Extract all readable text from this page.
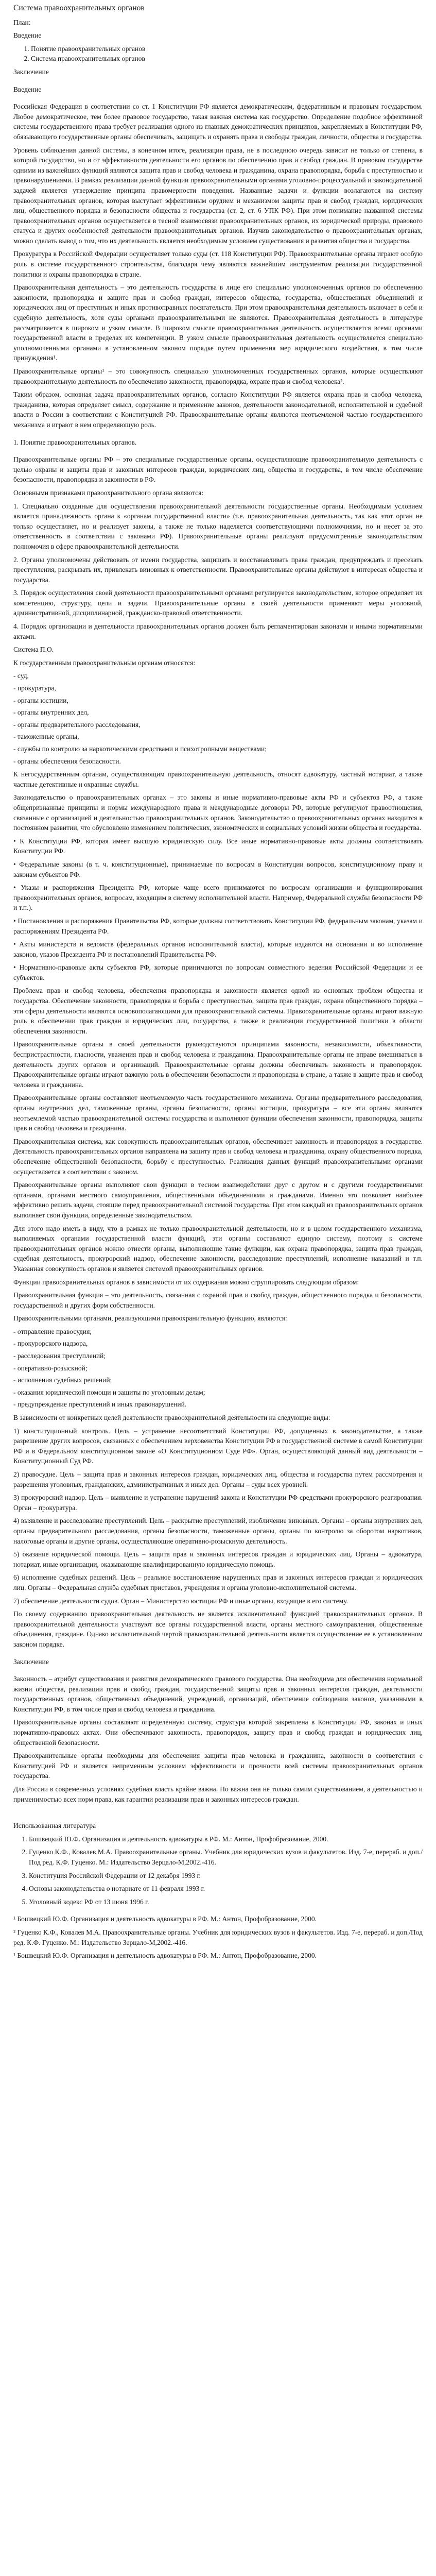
Система правоохранительных органов
План:
Введение
1. Понятие правоохранительных органов
2. Система правоохранительных органов
Заключение
Введение

Российская Федерация в соответствии со ст. 1 Конституции РФ является демократическим, федеративным и правовым государством. Любое демократическое, тем более правовое государство, такая важная система как государство. Определение подобное эффективной системы государственного права требует реализации одного из главных демократических принципов, закрепляемых в Конституции РФ, обязывающего государственные органы обеспечивать, защищать и охранять права и свободы граждан, личности, общества и государства.

Уровень соблюдения данной системы, в конечном итоге, реализации права, не в последнюю очередь зависит не только от степени, в которой государство, но и от эффективности деятельности его органов по обеспечению прав и свобод граждан. В правовом государстве одними из важнейших функций являются защита прав и свобод человека и гражданина, охрана правопорядка, борьба с преступностью и правонарушениями. В рамках реализации данной функции правоохранительными органами уголовно-процессуальной и законодательной задачей является утверждение принципа правомерности поведения. Названные задачи и функции возлагаются на систему правоохранительных органов, которая выступает эффективным орудием и механизмом защиты прав и свобод граждан, юридических лиц, общественного порядка и безопасности общества и государства (ст. 2, ст. 6 УПК РФ). При этом понимание названной системы правоохранительных органов осуществляется в тесной взаимосвязи правоохранительных органов, их юридической природы, правового статуса и других особенностей деятельности правоохранительных органов. Изучив законодательство о правоохранительных органах, можно сделать вывод о том, что их деятельность является необходимым условием существования и развития общества и государства.

Прокуратура в Российской Федерации осуществляет только суды (ст. 118 Конституции РФ). Правоохранительные органы играют особую роль в системе государственного строительства, благодаря чему являются важнейшим инструментом реализации государственной политики и охраны правопорядка в стране.

Правоохранительная деятельность – это деятельность государства в лице его специально уполномоченных органов по обеспечению законности, правопорядка и защите прав и свобод граждан, интересов общества, государства, общественных объединений и юридических лиц от преступных и иных противоправных посягательств. При этом правоохранительная деятельность включает в себя и судебную деятельность, хотя суды органами правоохранительными не являются. Правоохранительная деятельность в литературе рассматривается в широком и узком смысле. В широком смысле правоохранительная деятельность осуществляется всеми органами государственной власти в пределах их компетенции. В узком смысле правоохранительная деятельность осуществляется специально уполномоченными органами в установленном законом порядке путем применения мер юридического воздействия, в том числе принуждения¹.

Правоохранительные органы¹ – это совокупность специально уполномоченных государственных органов, которые осуществляют правоохранительную деятельность по обеспечению законности, правопорядка, охране прав и свобод человека².

Таким образом, основная задача правоохранительных органов, согласно Конституции РФ является охрана прав и свобод человека, гражданина, которая определяет смысл, содержание и применение законов, деятельности законодательной, исполнительной и судебной власти в России в соответствии с Конституцией РФ. Правоохранительные органы являются неотъемлемой частью государственного механизма и играют в нем определяющую роль.

1. Понятие правоохранительных органов.

Правоохранительные органы РФ – это специальные государственные органы, осуществляющие правоохранительную деятельность с целью охраны и защиты прав и законных интересов граждан, юридических лиц, общества и государства, в том числе обеспечение безопасности, правопорядка и законности в РФ.

Основными признаками правоохранительного органа являются:

1. Специально созданные для осуществления правоохранительной деятельности государственные органы. Необходимым условием является принадлежность органа к «органам государственной власти» (т.е. правоохранительная деятельность, так как этот орган не только осуществляет, но и реализует законы, а также не только наделяется соответствующими полномочиями, но и несет за это ответственность в соответствии с законами РФ). Правоохранительные органы реализуют предусмотренные законодательством полномочия в сфере правоохранительной деятельности.

2. Органы уполномочены действовать от имени государства, защищать и восстанавливать права граждан, предупреждать и пресекать преступления, раскрывать их, привлекать виновных к ответственности. Правоохранительные органы действуют в интересах общества и государства.

3. Порядок осуществления своей деятельности правоохранительными органами регулируется законодательством, которое определяет их компетенцию, структуру, цели и задачи. Правоохранительные органы в своей деятельности применяют меры уголовной, административной, дисциплинарной, гражданско-правовой ответственности.

4. Порядок организации и деятельности правоохранительных органов должен быть регламентирован законами и иными нормативными актами.

Система П.О.

К государственным правоохранительным органам относятся:

- суд,
- прокуратура,
- органы юстиции,
- органы внутренних дел,
- органы предварительного расследования,
- таможенные органы,
- службы по контролю за наркотическими средствами и психотропными веществами;
- органы обеспечения безопасности.

К негосударственным органам, осуществляющим правоохранительную деятельность, относят адвокатуру, частный нотариат, а также частные детективные и охранные службы.

Законодательство о правоохранительных органах – это законы и иные нормативно-правовые акты РФ и субъектов РФ, а также общепризнанные принципы и нормы международного права и международные договоры РФ, которые регулируют правоотношения, связанные с организацией и деятельностью правоохранительных органов. Законодательство о правоохранительных органах находится в постоянном развитии, что обусловлено изменением политических, экономических и социальных условий жизни общества и государства.

• К Конституции РФ, которая имеет высшую юридическую силу. Все иные нормативно-правовые акты должны соответствовать Конституции РФ.

• Федеральные законы (в т. ч. конституционные), принимаемые по вопросам в Конституции вопросов, конституционному праву и законам субъектов РФ.

• Указы и распоряжения Президента РФ, которые чаще всего принимаются по вопросам организации и функционирования правоохранительных органов, вопросам, входящим в систему исполнительной власти. Например, Федеральной службы безопасности РФ и т.п.).

• Постановления и распоряжения Правительства РФ, которые должны соответствовать Конституции РФ, федеральным законам, указам и распоряжениям Президента РФ.

• Акты министерств и ведомств (федеральных органов исполнительной власти), которые издаются на основании и во исполнение законов, указов Президента РФ и постановлений Правительства РФ.

• Нормативно-правовые акты субъектов РФ, которые принимаются по вопросам совместного ведения Российской Федерации и ее субъектов.

Проблема прав и свобод человека, обеспечения правопорядка и законности является одной из основных проблем общества и государства. Обеспечение законности, правопорядка и борьба с преступностью, защита прав граждан, охрана общественного порядка – эти сферы деятельности являются основополагающими для правоохранительной системы. Правоохранительные органы играют важную роль в обеспечении прав граждан и юридических лиц, государства, а также в реализации государственной политики в области обеспечения законности.

Правоохранительные органы в своей деятельности руководствуются принципами законности, независимости, объективности, беспристрастности, гласности, уважения прав и свобод человека и гражданина. Правоохранительные органы не вправе вмешиваться в деятельность других органов и организаций. Правоохранительные органы должны обеспечивать законность и правопорядок. Правоохранительные органы играют важную роль в обеспечении безопасности и правопорядка в стране, а также в защите прав и свобод человека и гражданина.

Правоохранительные органы составляют неотъемлемую часть государственного механизма. Органы предварительного расследования, органы внутренних дел, таможенные органы, органы безопасности, органы юстиции, прокуратура – все эти органы являются неотъемлемой частью правоохранительной системы государства и выполняют функции обеспечения законности, правопорядка, защиты прав и свобод человека и гражданина.

Правоохранительная система, как совокупность правоохранительных органов, обеспечивает законность и правопорядок в государстве. Деятельность правоохранительных органов направлена на защиту прав и свобод человека и гражданина, охрану общественного порядка, обеспечение общественной безопасности, борьбу с преступностью. Реализация данных функций правоохранительными органами осуществляется в соответствии с законом.

Правоохранительные органы выполняют свои функции в тесном взаимодействии друг с другом и с другими государственными органами, органами местного самоуправления, общественными объединениями и гражданами. Именно это позволяет наиболее эффективно решать задачи, стоящие перед правоохранительной системой государства. При этом каждый из правоохранительных органов выполняет свои функции, определенные законодательством.

Для этого надо иметь в виду, что в рамках не только правоохранительной деятельности, но и в целом государственного механизма, выполняемых органами государственной власти функций, эти органы составляют единую систему, поэтому к системе правоохранительных органов можно отнести органы, выполняющие такие функции, как охрана правопорядка, защита прав граждан, судебная деятельность, прокурорский надзор, обеспечение законности, расследование преступлений, исполнение наказаний и т.п. Указанная совокупность органов и является системой правоохранительных органов.

Функции правоохранительных органов в зависимости от их содержания можно сгруппировать следующим образом:

Правоохранительная функция – это деятельность, связанная с охраной прав и свобод граждан, общественного порядка и безопасности, государственной и других форм собственности.

Правоохранительными органами, реализующими правоохранительную функцию, являются:

- отправление правосудия;
- прокурорского надзора,
- расследования преступлений;
- оперативно-розыскной;
- исполнения судебных решений;
- оказания юридической помощи и защиты по уголовным делам;
- предупреждение преступлений и иных правонарушений.

В зависимости от конкретных целей деятельности правоохранительной деятельности на следующие виды:

1) конституционный контроль. Цель – устранение несоответствий Конституции РФ, допущенных в законодательстве, а также разрешение других вопросов, связанных с обеспечением верховенства Конституции РФ в государственной системе в самой Конституции РФ и в Федеральном конституционном законе «О Конституционном Суде РФ». Орган, осуществляющий данный вид деятельности – Конституционный Суд РФ.

2) правосудие. Цель – защита прав и законных интересов граждан, юридических лиц, общества и государства путем рассмотрения и разрешения уголовных, гражданских, административных и иных дел. Органы – суды всех уровней.

3) прокурорский надзор. Цель – выявление и устранение нарушений закона и Конституции РФ средствами прокурорского реагирования. Орган – прокуратура.

4) выявление и расследование преступлений. Цель – раскрытие преступлений, изобличение виновных. Органы – органы внутренних дел, органы предварительного расследования, органы безопасности, таможенные органы, органы по контролю за оборотом наркотиков, налоговые органы и другие органы, осуществляющие оперативно-розыскную деятельность.

5) оказание юридической помощи. Цель – защита прав и законных интересов граждан и юридических лиц. Органы – адвокатура, нотариат, иные организации, оказывающие квалифицированную юридическую помощь.

6) исполнение судебных решений. Цель – реальное восстановление нарушенных прав и законных интересов граждан и юридических лиц. Органы – Федеральная служба судебных приставов, учреждения и органы уголовно-исполнительной системы.

7) обеспечение деятельности судов. Орган – Министерство юстиции РФ и иные органы, входящие в его систему.

По своему содержанию правоохранительная деятельность не является исключительной функцией правоохранительных органов. В правоохранительной деятельности участвуют все органы государственной власти, органы местного самоуправления, общественные объединения, граждане. Однако исключительной чертой правоохранительной деятельности является осуществление ее в установленном законом порядке.

Заключение

Законность – атрибут существования и развития демократического правового государства. Она необходима для обеспечения нормальной жизни общества, реализации прав и свобод граждан, государственной защиты прав и законных интересов граждан, деятельности государственных органов, общественных объединений, учреждений, организаций, обеспечение соблюдения законов, указанными в Конституции РФ, в том числе прав и свобод человека и гражданина.

Правоохранительные органы составляют определенную систему, структура которой закреплена в Конституции РФ, законах и иных нормативно-правовых актах. Они обеспечивают законность, правопорядок, защиту прав и свобод граждан и юридических лиц, общественной безопасности.

Правоохранительные органы необходимы для обеспечения защиты прав человека и гражданина, законности в соответствии с Конституцией РФ и является непременным условием эффективности и прочности всей системы правоохранительных органов государства.

Для России в современных условиях судебная власть крайне важна. Но важна она не только самим существованием, а деятельностью и применимостью всех норм права, как гарантии реализации прав и законных интересов граждан.

Использованная литература

1. Бошвецкий Ю.Ф. Организация и деятельность адвокатуры в РФ. М.: Антон, Профобразование, 2000.
2. Гуценко К.Ф., Ковалев М.А. Правоохранительные органы. Учебник для юридических вузов и факультетов. Изд. 7-е, перераб. и доп./Под ред. К.Ф. Гуценко. М.: Издательство Зерцало-М,2002.-416.
3. Конституция Российской Федерации от 12 декабря 1993 г.
4. Основы законодательства о нотариате от 11 февраля 1993 г.
5. Уголовный кодекс РФ от 13 июня 1996 г.

¹ Бошвецкий Ю.Ф. Организация и деятельность адвокатуры в РФ. М.: Антон, Профобразование, 2000.

² Гуценко К.Ф., Ковалев М.А. Правоохранительные органы. Учебник для юридических вузов и факультетов. Изд. 7-е, перераб. и доп./Под ред. К.Ф. Гуценко. М.: Издательство Зерцало-М,2002.-416.

¹ Бошвецкий Ю.Ф. Организация и деятельность адвокатуры в РФ. М.: Антон, Профобразование, 2000.
